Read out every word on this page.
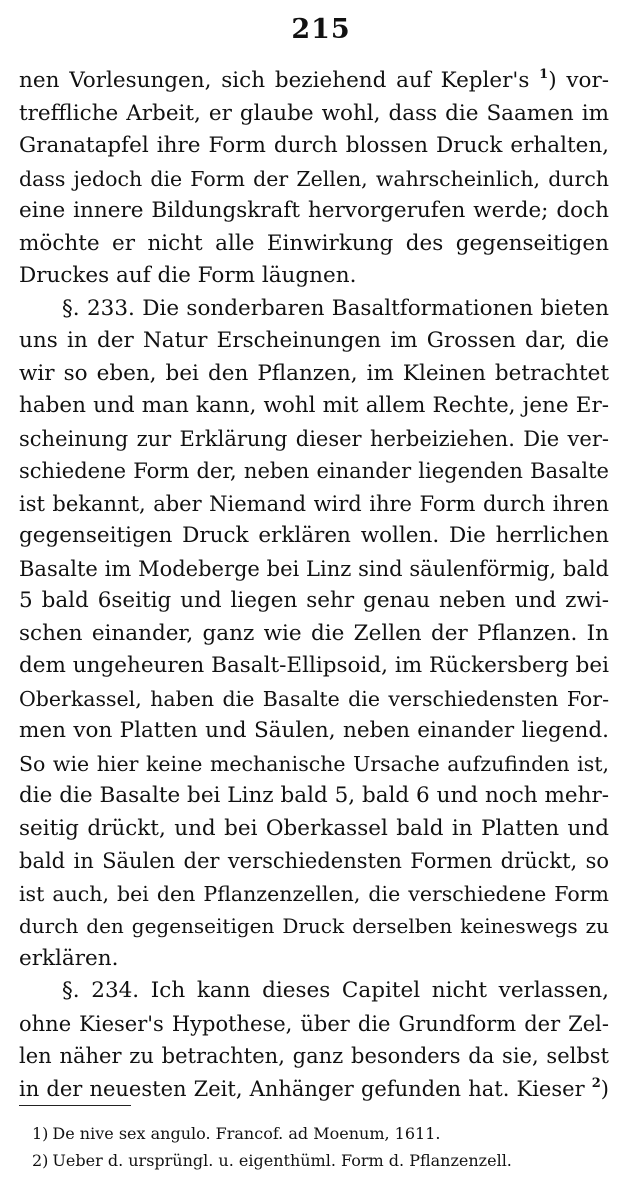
215
nen Vorlesungen, sich beziehend auf Kepler's $^1$) vor-
treffliche Arbeit, er glaube wohl, dass die Saamen im
Granatapfel ihre Form durch blossen Druck erhalten,
dass jedoch die Form der Zellen, wahrscheinlich, durch
eine innere Bildungskraft hervorgerufen werde; doch
möchte er nicht alle Einwirkung des gegenseitigen
Druckes auf die Form läugnen.
§. 233. Die sonderbaren Basaltformationen bieten
uns in der Natur Erscheinungen im Grossen dar, die
wir so eben, bei den Pflanzen, im Kleinen betrachtet
haben und man kann, wohl mit allem Rechte, jene Er-
scheinung zur Erklärung dieser herbeiziehen. Die ver-
schiedene Form der, neben einander liegenden Basalte
ist bekannt, aber Niemand wird ihre Form durch ihren
gegenseitigen Druck erklären wollen. Die herrlichen
Basalte im Modeberge bei Linz sind säulenförmig, bald
5 bald 6seitig und liegen sehr genau neben und zwi-
schen einander, ganz wie die Zellen der Pflanzen. In
dem ungeheuren Basalt-Ellipsoid, im Rückersberg bei
Oberkassel, haben die Basalte die verschiedensten For-
men von Platten und Säulen, neben einander liegend.
So wie hier keine mechanische Ursache aufzufinden ist,
die die Basalte bei Linz bald 5, bald 6 und noch mehr-
seitig drückt, und bei Oberkassel bald in Platten und
bald in Säulen der verschiedensten Formen drückt, so
ist auch, bei den Pflanzenzellen, die verschiedene Form
durch den gegenseitigen Druck derselben keineswegs zu
erklären.
§. 234. Ich kann dieses Capitel nicht verlassen,
ohne Kieser's Hypothese, über die Grundform der Zel-
len näher zu betrachten, ganz besonders da sie, selbst
in der neuesten Zeit, Anhänger gefunden hat. Kieser $^2$)
1) De nive sex angulo. Francof. ad Moenum, 1611.
2) Ueber d. ursprüngl. u. eigenthüml. Form d. Pflanzenzell.
